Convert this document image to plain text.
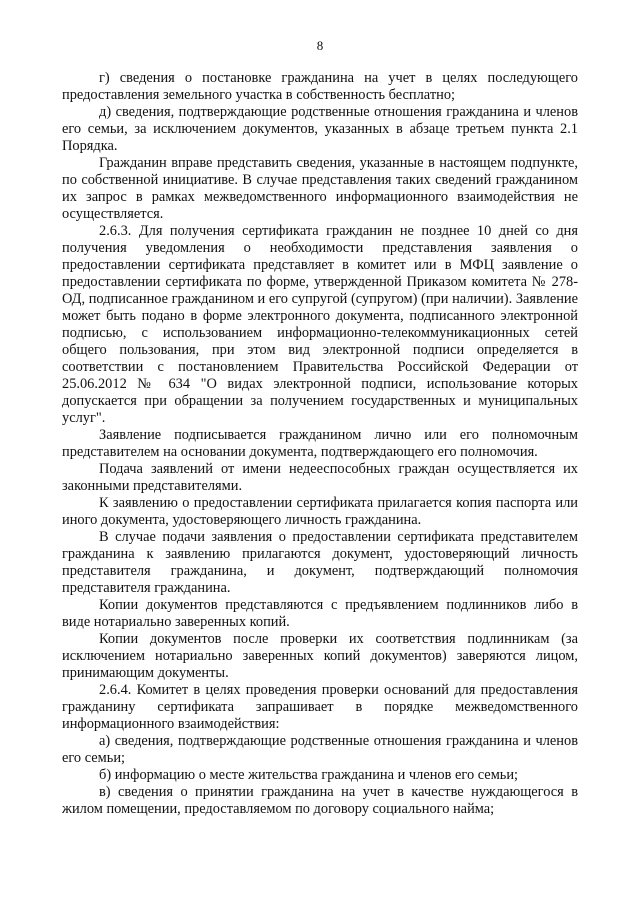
8

г) сведения о постановке гражданина на учет в целях последующего предоставления земельного участка в собственность бесплатно;

д) сведения, подтверждающие родственные отношения гражданина и членов его семьи, за исключением документов, указанных в абзаце третьем пункта 2.1 Порядка.

Гражданин вправе представить сведения, указанные в настоящем подпункте, по собственной инициативе. В случае представления таких сведений гражданином их запрос в рамках межведомственного информационного взаимодействия не осуществляется.

2.6.3. Для получения сертификата гражданин не позднее 10 дней со дня получения уведомления о необходимости представления заявления о предоставлении сертификата представляет в комитет или в МФЦ заявление о предоставлении сертификата по форме, утвержденной Приказом комитета № 278-ОД, подписанное гражданином и его супругой (супругом) (при наличии). Заявление может быть подано в форме электронного документа, подписанного электронной подписью, с использованием информационно-телекоммуникационных сетей общего пользования, при этом вид электронной подписи определяется в соответствии с постановлением Правительства Российской Федерации от 25.06.2012 № 634 "О видах электронной подписи, использование которых допускается при обращении за получением государственных и муниципальных услуг".

Заявление подписывается гражданином лично или его полномочным представителем на основании документа, подтверждающего его полномочия.

Подача заявлений от имени недееспособных граждан осуществляется их законными представителями.

К заявлению о предоставлении сертификата прилагается копия паспорта или иного документа, удостоверяющего личность гражданина.

В случае подачи заявления о предоставлении сертификата представителем гражданина к заявлению прилагаются документ, удостоверяющий личность представителя гражданина, и документ, подтверждающий полномочия представителя гражданина.

Копии документов представляются с предъявлением подлинников либо в виде нотариально заверенных копий.

Копии документов после проверки их соответствия подлинникам (за исключением нотариально заверенных копий документов) заверяются лицом, принимающим документы.

2.6.4. Комитет в целях проведения проверки оснований для предоставления гражданину сертификата запрашивает в порядке межведомственного информационного взаимодействия:

а) сведения, подтверждающие родственные отношения гражданина и членов его семьи;

б) информацию о месте жительства гражданина и членов его семьи;

в) сведения о принятии гражданина на учет в качестве нуждающегося в жилом помещении, предоставляемом по договору социального найма;
